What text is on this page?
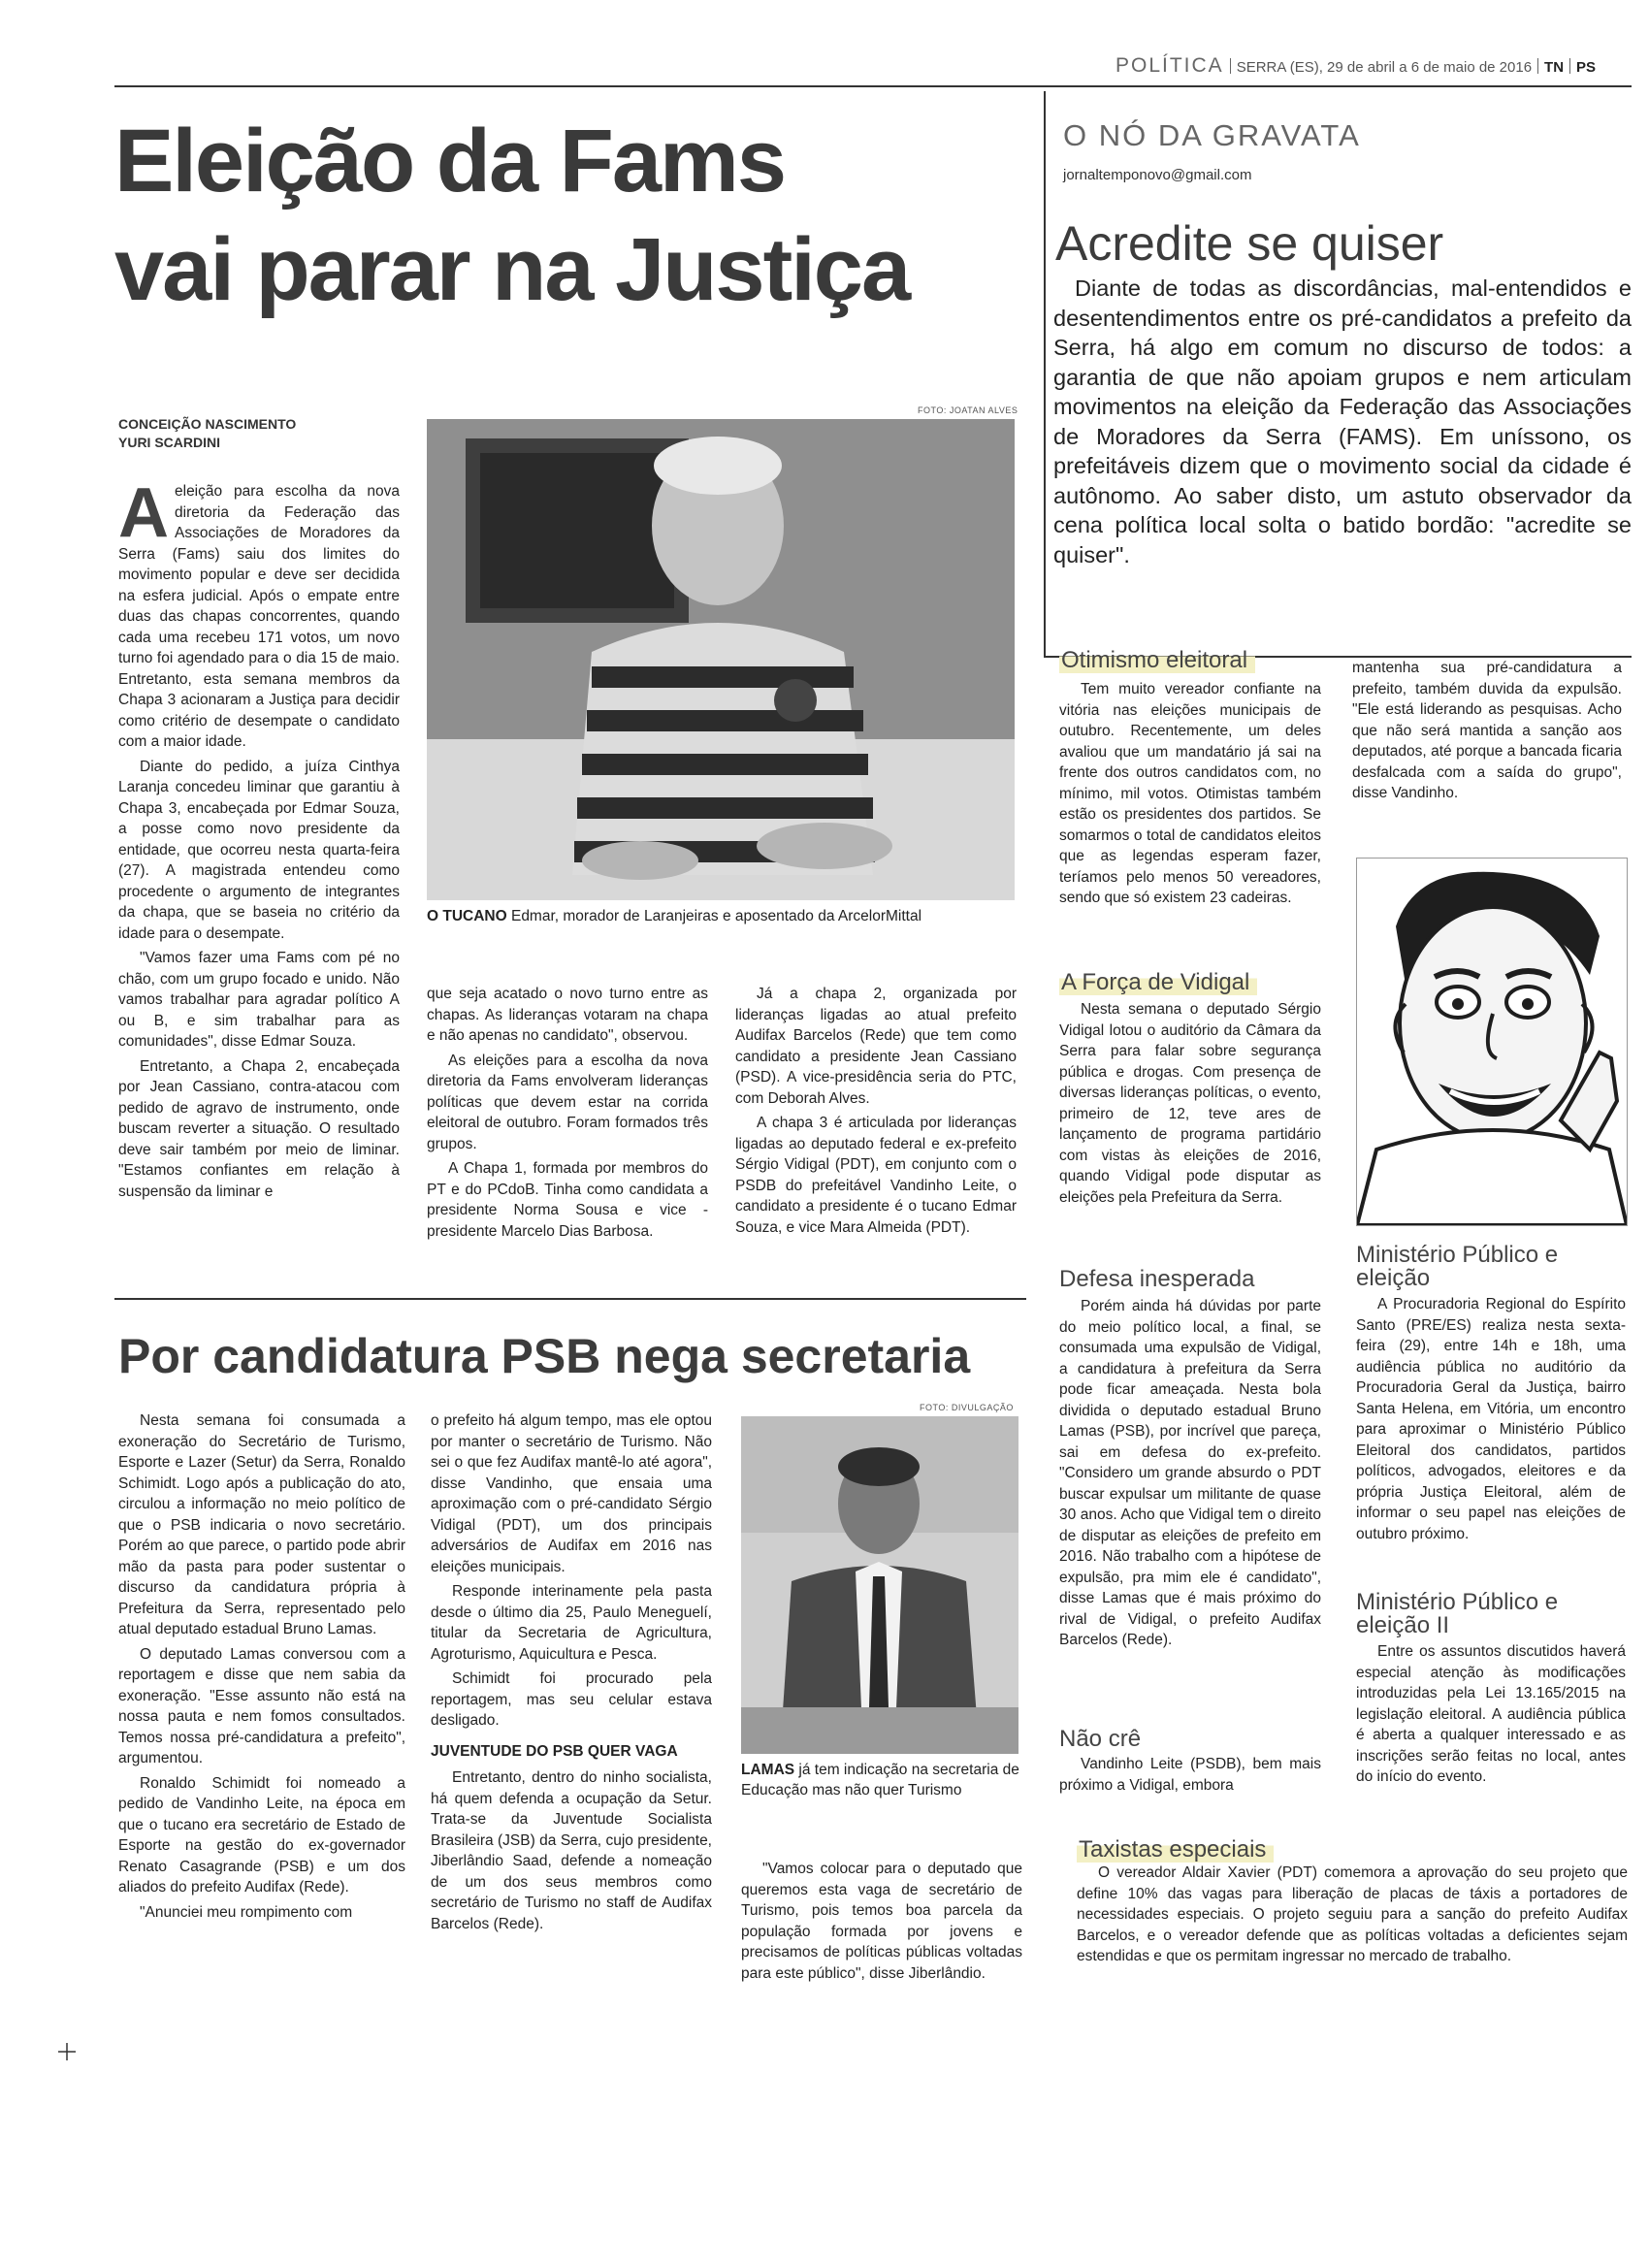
POLÍTICA SERRA (ES), 29 de abril a 6 de maio de 2016 TN PS
Eleição da Fams
vai parar na Justiça
CONCEIÇÃO NASCIMENTO
YURI SCARDINI
FOTO: JOATAN ALVES
O TUCANO Edmar, morador de Laranjeiras e aposentado da ArcelorMittal

Aeleição para escolha da nova diretoria da Federação das Associações de Moradores da Serra (Fams) saiu dos limites do movimento popular e deve ser decidida na esfera judicial. Após o empate entre duas das chapas concorrentes, quando cada uma recebeu 171 votos, um novo turno foi agendado para o dia 15 de maio. Entretanto, esta semana membros da Chapa 3 acionaram a Justiça para decidir como critério de desempate o candidato com a maior idade.

Diante do pedido, a juíza Cinthya Laranja concedeu liminar que garantiu à Chapa 3, encabeçada por Edmar Souza, a posse como novo presidente da entidade, que ocorreu nesta quarta-feira (27). A magistrada entendeu como procedente o argumento de integrantes da chapa, que se baseia no critério da idade para o desempate.

"Vamos fazer uma Fams com pé no chão, com um grupo focado e unido. Não vamos trabalhar para agradar político A ou B, e sim trabalhar para as comunidades", disse Edmar Souza.

Entretanto, a Chapa 2, encabeçada por Jean Cassiano, contra-atacou com pedido de agravo de instrumento, onde buscam reverter a situação. O resultado deve sair também por meio de liminar. "Estamos confiantes em relação à suspensão da liminar e

que seja acatado o novo turno entre as chapas. As lideranças votaram na chapa e não apenas no candidato", observou.

As eleições para a escolha da nova diretoria da Fams envolveram lideranças políticas que devem estar na corrida eleitoral de outubro. Foram formados três grupos.

A Chapa 1, formada por membros do PT e do PCdoB. Tinha como candidata a presidente Norma Sousa e vice -presidente Marcelo Dias Barbosa.

Já a chapa 2, organizada por lideranças ligadas ao atual prefeito Audifax Barcelos (Rede) que tem como candidato a presidente Jean Cassiano (PSD). A vice-presidência seria do PTC, com Deborah Alves.

A chapa 3 é articulada por lideranças ligadas ao deputado federal e ex-prefeito Sérgio Vidigal (PDT), em conjunto com o PSDB do prefeitável Vandinho Leite, o candidato a presidente é o tucano Edmar Souza, e vice Mara Almeida (PDT).

Por candidatura PSB nega secretaria

Nesta semana foi consumada a exoneração do Secretário de Turismo, Esporte e Lazer (Setur) da Serra, Ronaldo Schimidt. Logo após a publicação do ato, circulou a informação no meio político de que o PSB indicaria o novo secretário. Porém ao que parece, o partido pode abrir mão da pasta para poder sustentar o discurso da candidatura própria à Prefeitura da Serra, representado pelo atual deputado estadual Bruno Lamas.

O deputado Lamas conversou com a reportagem e disse que nem sabia da exoneração. "Esse assunto não está na nossa pauta e nem fomos consultados. Temos nossa pré-candidatura a prefeito", argumentou.

Ronaldo Schimidt foi nomeado a pedido de Vandinho Leite, na época em que o tucano era secretário de Estado de Esporte na gestão do ex-governador Renato Casagrande (PSB) e um dos aliados do prefeito Audifax (Rede).

"Anunciei meu rompimento com

o prefeito há algum tempo, mas ele optou por manter o secretário de Turismo. Não sei o que fez Audifax mantê-lo até agora", disse Vandinho, que ensaia uma aproximação com o pré-candidato Sérgio Vidigal (PDT), um dos principais adversários de Audifax em 2016 nas eleições municipais.

Responde interinamente pela pasta desde o último dia 25, Paulo Meneguelí, titular da Secretaria de Agricultura, Agroturismo, Aquicultura e Pesca.

Schimidt foi procurado pela reportagem, mas seu celular estava desligado.

JUVENTUDE DO PSB QUER VAGA

Entretanto, dentro do ninho socialista, há quem defenda a ocupação da Setur. Trata-se da Juventude Socialista Brasileira (JSB) da Serra, cujo presidente, Jiberlândio Saad, defende a nomeação de um dos seus membros como secretário de Turismo no staff de Audifax Barcelos (Rede).

FOTO: DIVULGAÇÃO
LAMAS já tem indicação na secretaria de Educação mas não quer Turismo

"Vamos colocar para o deputado que queremos esta vaga de secretário de Turismo, pois temos boa parcela da população formada por jovens e precisamos de políticas públicas voltadas para este público", disse Jiberlândio.

O NÓ DA GRAVATA
jornaltemponovo@gmail.com
Acredite se quiser

Diante de todas as discordâncias, mal-entendidos e desentendimentos entre os pré-candidatos a prefeito da Serra, há algo em comum no discurso de todos: a garantia de que não apoiam grupos e nem articulam movimentos na eleição da Federação das Associações de Moradores da Serra (FAMS). Em uníssono, os prefeitáveis dizem que o movimento social da cidade é autônomo. Ao saber disto, um astuto observador da cena política local solta o batido bordão: "acredite se quiser".

Otimismo eleitoral

Tem muito vereador confiante na vitória nas eleições municipais de outubro. Recentemente, um deles avaliou que um mandatário já sai na frente dos outros candidatos com, no mínimo, mil votos. Otimistas também estão os presidentes dos partidos. Se somarmos o total de candidatos eleitos que as legendas esperam fazer, teríamos pelo menos 50 vereadores, sendo que só existem 23 cadeiras.

A Força de Vidigal

Nesta semana o deputado Sérgio Vidigal lotou o auditório da Câmara da Serra para falar sobre segurança pública e drogas. Com presença de diversas lideranças políticas, o evento, primeiro de 12, teve ares de lançamento de programa partidário com vistas às eleições de 2016, quando Vidigal pode disputar as eleições pela Prefeitura da Serra.

Defesa inesperada

Porém ainda há dúvidas por parte do meio político local, a final, se consumada uma expulsão de Vidigal, a candidatura à prefeitura da Serra pode ficar ameaçada. Nesta bola dividida o deputado estadual Bruno Lamas (PSB), por incrível que pareça, sai em defesa do ex-prefeito. "Considero um grande absurdo o PDT buscar expulsar um militante de quase 30 anos. Acho que Vidigal tem o direito de disputar as eleições de prefeito em 2016. Não trabalho com a hipótese de expulsão, pra mim ele é candidato", disse Lamas que é mais próximo do rival de Vidigal, o prefeito Audifax Barcelos (Rede).

Não crê

Vandinho Leite (PSDB), bem mais próximo a Vidigal, embora

mantenha sua pré-candidatura a prefeito, também duvida da expulsão. "Ele está liderando as pesquisas. Acho que não será mantida a sanção aos deputados, até porque a bancada ficaria desfalcada com a saída do grupo", disse Vandinho.

Ministério Público e
eleição

A Procuradoria Regional do Espírito Santo (PRE/ES) realiza nesta sexta-feira (29), entre 14h e 18h, uma audiência pública no auditório da Procuradoria Geral da Justiça, bairro Santa Helena, em Vitória, um encontro para aproximar o Ministério Público Eleitoral dos candidatos, partidos políticos, advogados, eleitores e da própria Justiça Eleitoral, além de informar o seu papel nas eleições de outubro próximo.

Ministério Público e
eleição II

Entre os assuntos discutidos haverá especial atenção às modificações introduzidas pela Lei 13.165/2015 na legislação eleitoral. A audiência pública é aberta a qualquer interessado e as inscrições serão feitas no local, antes do início do evento.

Taxistas especiais

O vereador Aldair Xavier (PDT) comemora a aprovação do seu projeto que define 10% das vagas para liberação de placas de táxis a portadores de necessidades especiais. O projeto seguiu para a sanção do prefeito Audifax Barcelos, e o vereador defende que as políticas voltadas a deficientes sejam estendidas e que os permitam ingressar no mercado de trabalho.
